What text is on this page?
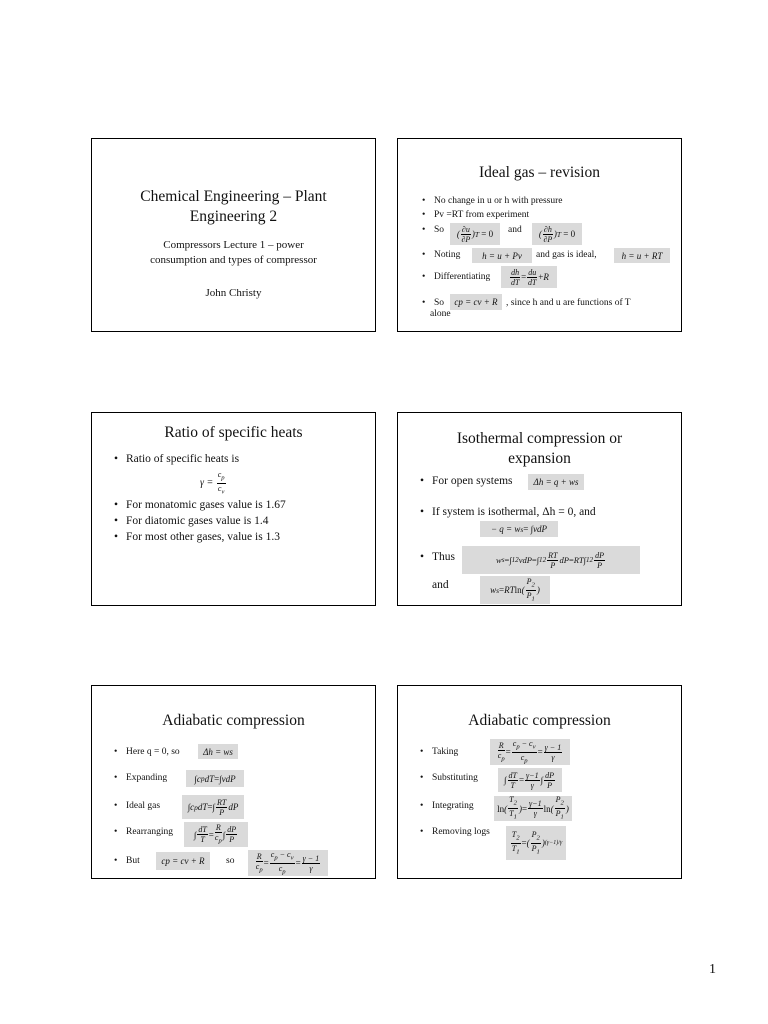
Chemical Engineering – Plant
Engineering 2
Compressors Lecture 1 – power
consumption and types of compressor
John Christy
Ideal gas – revision
• No change in u or h with pressure
• Pv =RT from experiment
• So	( $\frac{\partial u}{\partial P}$ ) T
= 0 and	( $\frac{\partial h}{\partial P}$ ) T
= 0
• Noting	h = u + Pv	and gas is ideal,	h = u + RT
• Differentiating $\frac{dh}{dT} = \frac{du}{dT} + R$
• So	cp = cv + R , since h and u are functions of T
alone
Ratio of specific heats
• Ratio of specific heats is
$\gamma = \frac{c_p}{c_v}$
• For monatomic gases value is 1.67
• For diatomic gases value is 1.4
• For most other gases, value is 1.3
Isothermal compression or
expansion
• For open systems	Δh = q + ws
• If system is isothermal, Δh = 0, and
− q = w s = ∫ vdP
• Thus	w s = ∫ 1 2 vdP = ∫ 1 $2 \frac{RT}{P}$ dP = RT∫ 1 $2 \frac{dP}{P}$
and	w s = RT ln ( $\frac{P_2}{P_1}$ )
Adiabatic compression
• Here q = 0, so	Δh = ws
• Expanding	∫c p dT = ∫vdP
• Ideal gas	∫c p dT = ∫ $\frac{RT}{P}$ dP
• Rearranging	∫ $\frac{dT}{T} = \frac{R}{c_p}$ ∫ $\frac{dP}{P}$
• But	cp = cv + R	so	$\frac{R}{c_p} = \frac{c_p - c_v}{c_p} = \frac{\gamma - 1}{\gamma}$
Adiabatic compression
• Taking	$\frac{R}{c_p} = \frac{c_p - c_v}{c_p} = \frac{\gamma - 1}{\gamma}$
• Substituting	∫ $\frac{dT}{T} = \frac{\gamma-1}{\gamma}$ ∫ $\frac{dP}{P}$
• Integrating	ln ( $\frac{T_2}{T_1}$ ) = $\frac{\gamma-1}{\gamma}$ ln ( $\frac{P_2}{P_1}$ )
• Removing logs	$\frac{T_2}{T_1}$ = ( $\frac{P_2}{P_1}$ ) (γ−1)/γ
1
